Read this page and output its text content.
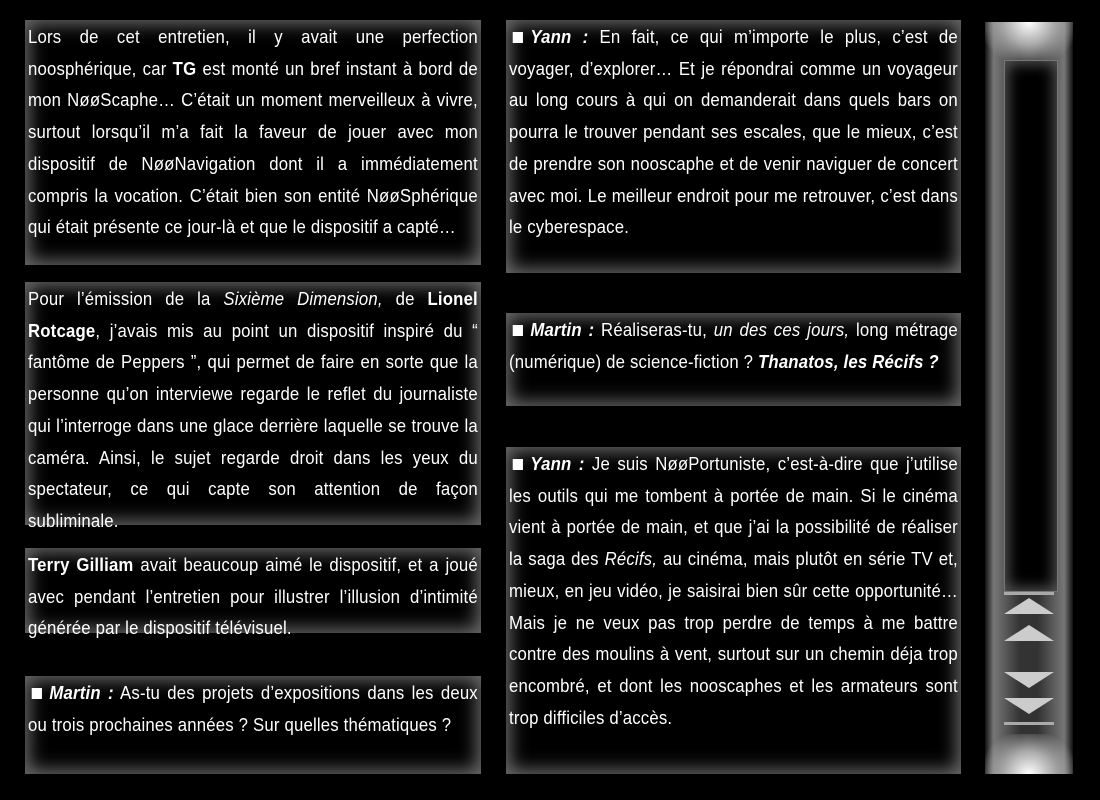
Lors de cet entretien, il y avait une perfection noosphérique, car TG est monté un bref instant à bord de mon NøøScaphe… C’était un moment merveilleux à vivre, surtout lorsqu’il m’a fait la faveur de jouer avec mon dispositif de NøøNavigation dont il a immédiatement compris la vocation. C’était bien son entité NøøSphérique qui était présente ce jour-là et que le dispositif a capté…

Pour l’émission de la Sixième Dimension, de Lionel Rotcage, j’avais mis au point un dispositif inspiré du “ fantôme de Peppers ”, qui permet de faire en sorte que la personne qu’on interviewe regarde le reflet du journaliste qui l’interroge dans une glace derrière laquelle se trouve la caméra. Ainsi, le sujet regarde droit dans les yeux du spectateur, ce qui capte son attention de façon subliminale.

Terry Gilliam avait beaucoup aimé le dispositif, et a joué avec pendant l’entretien pour illustrer l’illusion d’intimité générée par le dispositif télévisuel.

Martin : As-tu des projets d’expositions dans les deux ou trois prochaines années ? Sur quelles thématiques ?

Yann : En fait, ce qui m’importe le plus, c’est de voyager, d’explorer… Et je répondrai comme un voyageur au long cours à qui on demanderait dans quels bars on pourra le trouver pendant ses escales, que le mieux, c’est de prendre son nooscaphe et de venir naviguer de concert avec moi. Le meilleur endroit pour me retrouver, c’est dans le cyberespace.

Martin : Réaliseras-tu, un des ces jours, long métrage (numérique) de science-fiction ? Thanatos, les Récifs ?

Yann : Je suis NøøPortuniste, c’est-à-dire que j’utilise les outils qui me tombent à portée de main. Si le cinéma vient à portée de main, et que j’ai la possibilité de réaliser la saga des Récifs, au cinéma, mais plutôt en série TV et, mieux, en jeu vidéo, je saisirai bien sûr cette opportunité… Mais je ne veux pas trop perdre de temps à me battre contre des moulins à vent, surtout sur un chemin déja trop encombré, et dont les nooscaphes et les armateurs sont trop difficiles d’accès.
